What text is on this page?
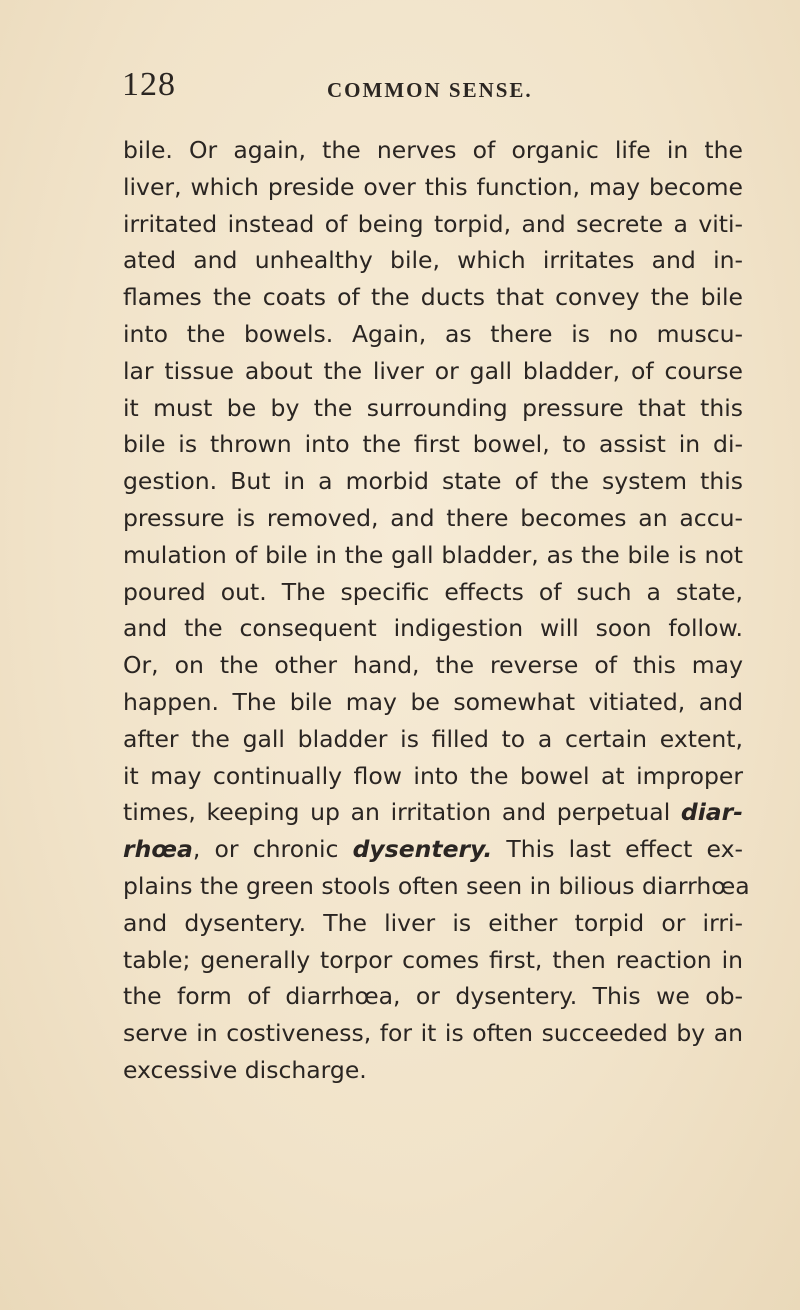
128	COMMON SENSE.
bile. Or again, the nerves of organic life in the
liver, which preside over this function, may become
irritated instead of being torpid, and secrete a viti-
ated and unhealthy bile, which irritates and in-
flames the coats of the ducts that convey the bile
into the bowels. Again, as there is no muscu-
lar tissue about the liver or gall bladder, of course
it must be by the surrounding pressure that this
bile is thrown into the first bowel, to assist in di-
gestion. But in a morbid state of the system this
pressure is removed, and there becomes an accu-
mulation of bile in the gall bladder, as the bile is not
poured out. The specific effects of such a state,
and the consequent indigestion will soon follow.
Or, on the other hand, the reverse of this may
happen. The bile may be somewhat vitiated, and
after the gall bladder is filled to a certain extent,
it may continually flow into the bowel at improper
times, keeping up an irritation and perpetual diar-
rhœa, or chronic dysentery. This last effect ex-
plains the green stools often seen in bilious diarrhœa
and dysentery. The liver is either torpid or irri-
table; generally torpor comes first, then reaction in
the form of diarrhœa, or dysentery. This we ob-
serve in costiveness, for it is often succeeded by an
excessive discharge.
